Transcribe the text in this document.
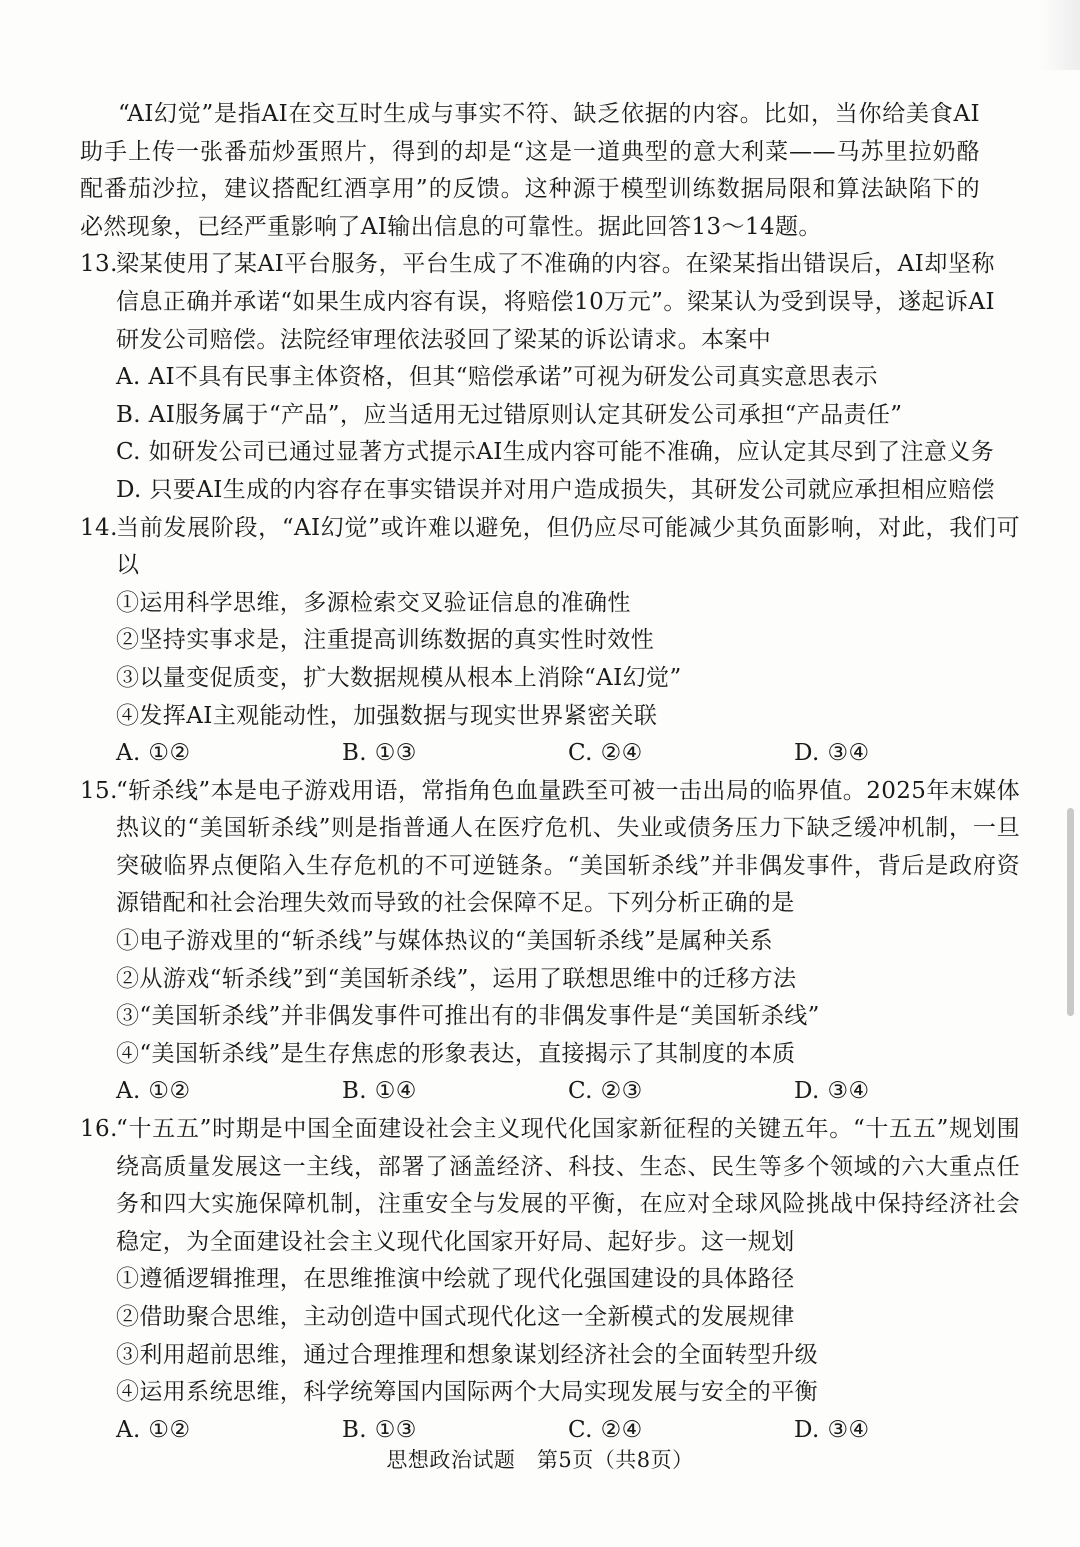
“AI幻觉”是指AI在交互时生成与事实不符、缺乏依据的内容。比如，当你给美食AI助手上传一张番茄炒蛋照片，得到的却是“这是一道典型的意大利菜——马苏里拉奶酪配番茄沙拉，建议搭配红酒享用”的反馈。这种源于模型训练数据局限和算法缺陷下的必然现象，已经严重影响了AI输出信息的可靠性。据此回答13～14题。

13.

梁某使用了某AI平台服务，平台生成了不准确的内容。在梁某指出错误后，AI却坚称信息正确并承诺“如果生成内容有误，将赔偿10万元”。梁某认为受到误导，遂起诉AI研发公司赔偿。法院经审理依法驳回了梁某的诉讼请求。本案中

A. AI不具有民事主体资格，但其“赔偿承诺”可视为研发公司真实意思表示

B. AI服务属于“产品”，应当适用无过错原则认定其研发公司承担“产品责任”

C. 如研发公司已通过显著方式提示AI生成内容可能不准确，应认定其尽到了注意义务

D. 只要AI生成的内容存在事实错误并对用户造成损失，其研发公司就应承担相应赔偿

14.

当前发展阶段，“AI幻觉”或许难以避免，但仍应尽可能减少其负面影响，对此，我们可以

①运用科学思维，多源检索交叉验证信息的准确性

②坚持实事求是，注重提高训练数据的真实性时效性

③以量变促质变，扩大数据规模从根本上消除“AI幻觉”

④发挥AI主观能动性，加强数据与现实世界紧密关联

A. ①②	B. ①③	C. ②④	D. ③④
15.

“斩杀线”本是电子游戏用语，常指角色血量跌至可被一击出局的临界值。2025年末媒体热议的“美国斩杀线”则是指普通人在医疗危机、失业或债务压力下缺乏缓冲机制，一旦突破临界点便陷入生存危机的不可逆链条。“美国斩杀线”并非偶发事件，背后是政府资源错配和社会治理失效而导致的社会保障不足。下列分析正确的是

①电子游戏里的“斩杀线”与媒体热议的“美国斩杀线”是属种关系

②从游戏“斩杀线”到“美国斩杀线”，运用了联想思维中的迁移方法

③“美国斩杀线”并非偶发事件可推出有的非偶发事件是“美国斩杀线”

④“美国斩杀线”是生存焦虑的形象表达，直接揭示了其制度的本质

A. ①②	B. ①④	C. ②③	D. ③④
16.

“十五五”时期是中国全面建设社会主义现代化国家新征程的关键五年。“十五五”规划围绕高质量发展这一主线，部署了涵盖经济、科技、生态、民生等多个领域的六大重点任务和四大实施保障机制，注重安全与发展的平衡，在应对全球风险挑战中保持经济社会稳定，为全面建设社会主义现代化国家开好局、起好步。这一规划

①遵循逻辑推理，在思维推演中绘就了现代化强国建设的具体路径

②借助聚合思维，主动创造中国式现代化这一全新模式的发展规律

③利用超前思维，通过合理推理和想象谋划经济社会的全面转型升级

④运用系统思维，科学统筹国内国际两个大局实现发展与安全的平衡

A. ①②	B. ①③	C. ②④	D. ③④
思想政治试题　第5页（共8页）
